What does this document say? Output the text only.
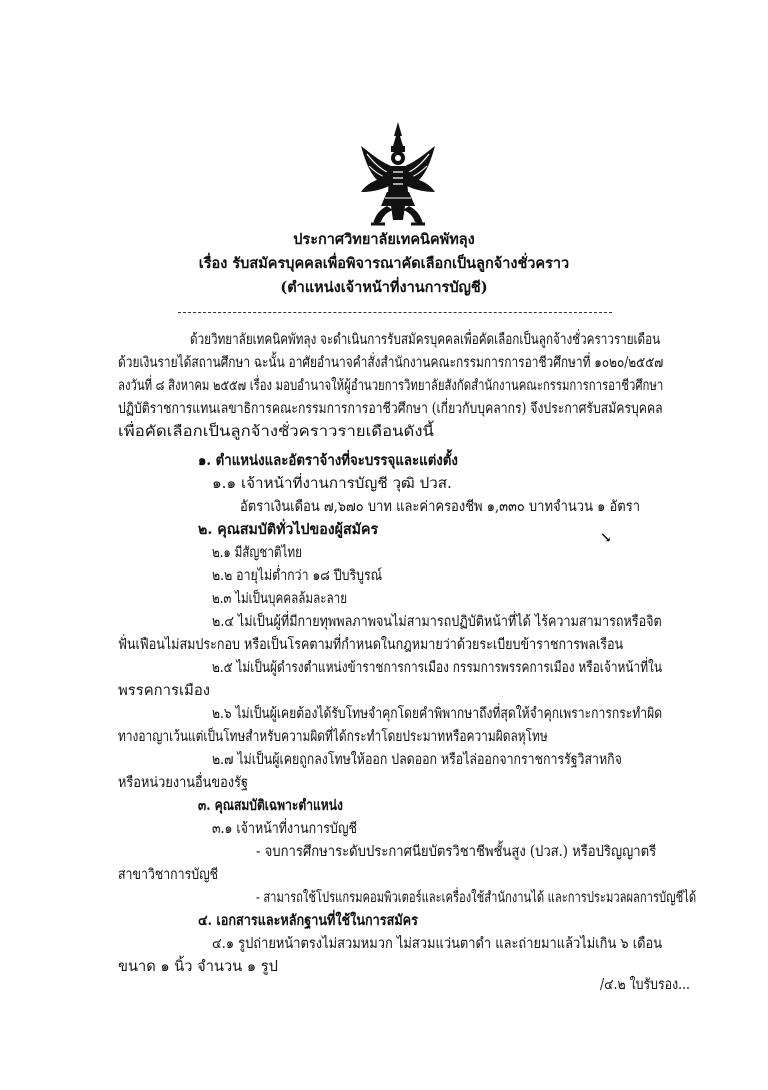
ประกาศวิทยาลัยเทคนิคพัทลุง
เรื่อง รับสมัครบุคคลเพื่อพิจารณาคัดเลือกเป็นลูกจ้างชั่วคราว
(ตำแหน่งเจ้าหน้าที่งานการบัญชี)
ด้วยวิทยาลัยเทคนิคพัทลุง จะดำเนินการรับสมัครบุคคลเพื่อคัดเลือกเป็นลูกจ้างชั่วคราวรายเดือน
ด้วยเงินรายได้สถานศึกษา ฉะนั้น อาศัยอำนาจคำสั่งสำนักงานคณะกรรมการการอาชีวศึกษาที่ ๑๐๒๐/๒๕๕๗
ลงวันที่ ๘ สิงหาคม ๒๕๕๗ เรื่อง มอบอำนาจให้ผู้อำนวยการวิทยาลัยสังกัดสำนักงานคณะกรรมการการอาชีวศึกษา
ปฏิบัติราชการแทนเลขาธิการคณะกรรมการการอาชีวศึกษา (เกี่ยวกับบุคลากร) จึงประกาศรับสมัครบุคคล
เพื่อคัดเลือกเป็นลูกจ้างชั่วคราวรายเดือนดังนี้
๑. ตำแหน่งและอัตราจ้างที่จะบรรจุและแต่งตั้ง
๑.๑ เจ้าหน้าที่งานการบัญชี วุฒิ ปวส.
อัตราเงินเดือน ๗,๖๗๐ บาท และค่าครองชีพ ๑,๓๓๐ บาทจำนวน ๑ อัตรา
๒. คุณสมบัติทั่วไปของผู้สมัคร	↘
๒.๑ มีสัญชาติไทย
๒.๒ อายุไม่ต่ำกว่า ๑๘ ปีบริบูรณ์
๒.๓ ไม่เป็นบุคคลล้มละลาย
๒.๔ ไม่เป็นผู้ที่มีกายทุพพลภาพจนไม่สามารถปฏิบัติหน้าที่ได้ ไร้ความสามารถหรือจิต
ฟั่นเฟือนไม่สมประกอบ หรือเป็นโรคตามที่กำหนดในกฎหมายว่าด้วยระเบียบข้าราชการพลเรือน
๒.๕ ไม่เป็นผู้ดำรงตำแหน่งข้าราชการการเมือง กรรมการพรรคการเมือง หรือเจ้าหน้าที่ใน
พรรคการเมือง
๒.๖ ไม่เป็นผู้เคยต้องได้รับโทษจำคุกโดยคำพิพากษาถึงที่สุดให้จำคุกเพราะการกระทำผิด
ทางอาญาเว้นแต่เป็นโทษสำหรับความผิดที่ได้กระทำโดยประมาทหรือความผิดลหุโทษ
๒.๗ ไม่เป็นผู้เคยถูกลงโทษให้ออก ปลดออก หรือไล่ออกจากราชการรัฐวิสาหกิจ
หรือหน่วยงานอื่นของรัฐ
๓. คุณสมบัติเฉพาะตำแหน่ง
๓.๑ เจ้าหน้าที่งานการบัญชี
- จบการศึกษาระดับประกาศนียบัตรวิชาชีพชั้นสูง (ปวส.) หรือปริญญาตรี
สาขาวิชาการบัญชี
- สามารถใช้โปรแกรมคอมพิวเตอร์และเครื่องใช้สำนักงานได้ และการประมวลผลการบัญชีได้
๔. เอกสารและหลักฐานที่ใช้ในการสมัคร
๔.๑ รูปถ่ายหน้าตรงไม่สวมหมวก ไม่สวมแว่นตาดำ และถ่ายมาแล้วไม่เกิน ๖ เดือน
ขนาด ๑ นิ้ว จำนวน ๑ รูป
/๔.๒ ใบรับรอง...
